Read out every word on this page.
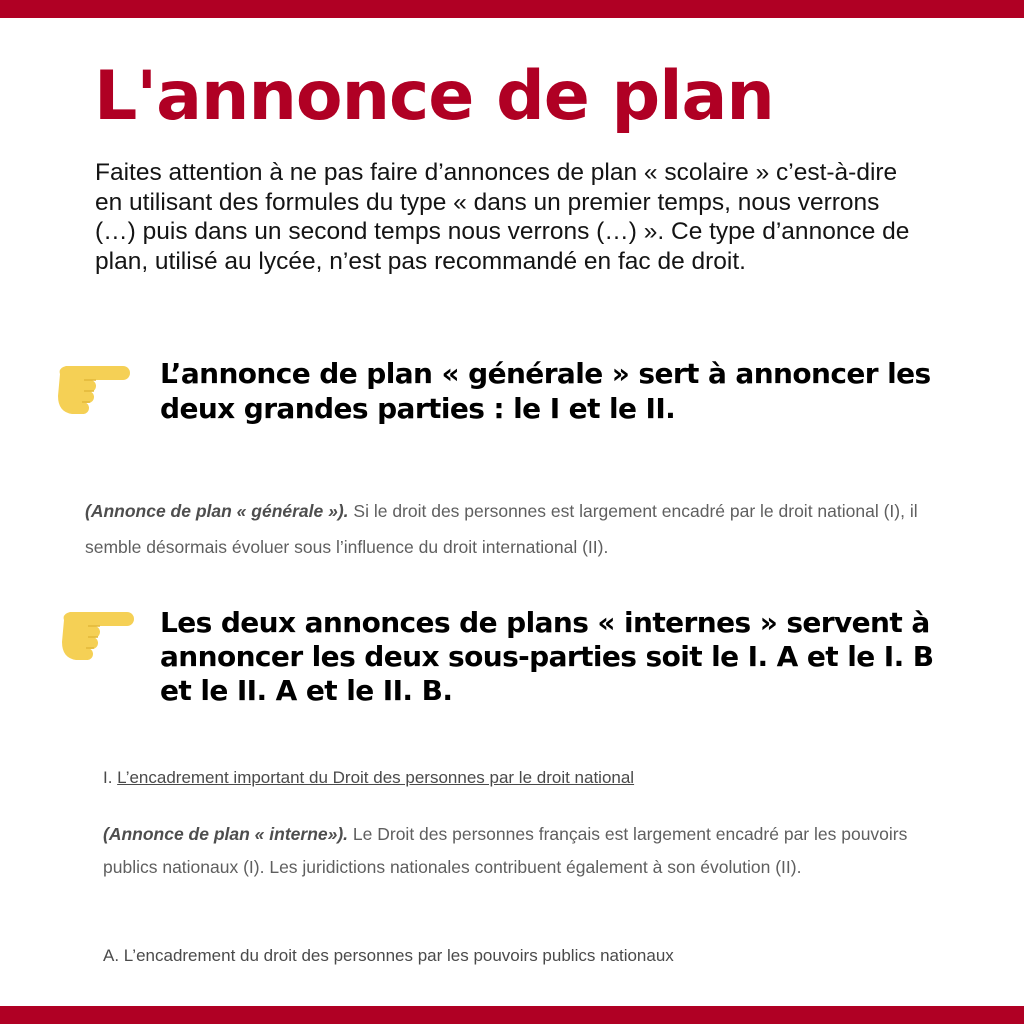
L'annonce de plan

Faites attention à ne pas faire d’annonces de plan « scolaire » c’est-à-dire en utilisant des formules du type « dans un premier temps, nous verrons (…) puis dans un second temps nous verrons (…) ». Ce type d’annonce de plan, utilisé au lycée, n’est pas recommandé en fac de droit.

L’annonce de plan « générale » sert à annoncer les deux grandes parties : le I et le II.

(Annonce de plan « générale »). Si le droit des personnes est largement encadré par le droit national (I), il semble désormais évoluer sous l’influence du droit international (II).

Les deux annonces de plans « internes » servent à annoncer les deux sous-parties soit le I. A et le I. B et le II. A et le II. B.

I. L’encadrement important du Droit des personnes par le droit national

(Annonce de plan « interne»). Le Droit des personnes français est largement encadré par les pouvoirs publics nationaux (I). Les juridictions nationales contribuent également à son évolution (II).

A. L’encadrement du droit des personnes par les pouvoirs publics nationaux
